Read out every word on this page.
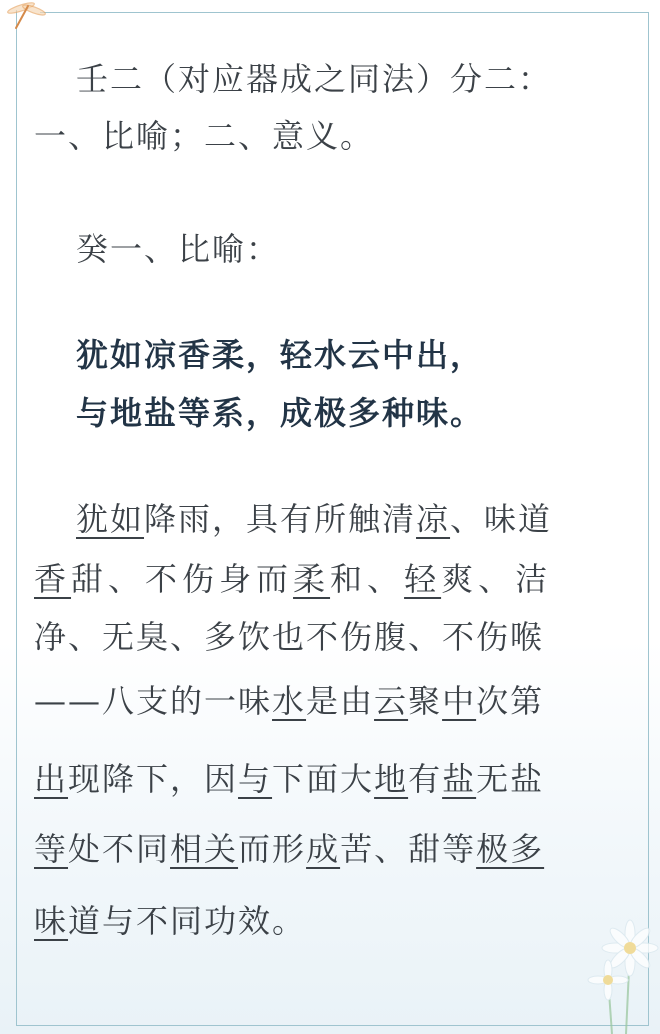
壬二（对应器成之同法）分二：
一、比喻；二、意义。
癸一、比喻：
犹如凉香柔，轻水云中出，
与地盐等系，成极多种味。
犹如降雨，具有所触清凉、味道
香甜、不伤身而柔和、轻爽、洁
净、无臭、多饮也不伤腹、不伤喉
——八支的一味水是由云聚中次第
出现降下，因与下面大地有盐无盐
等处不同相关而形成苦、甜等极多
味道与不同功效。
